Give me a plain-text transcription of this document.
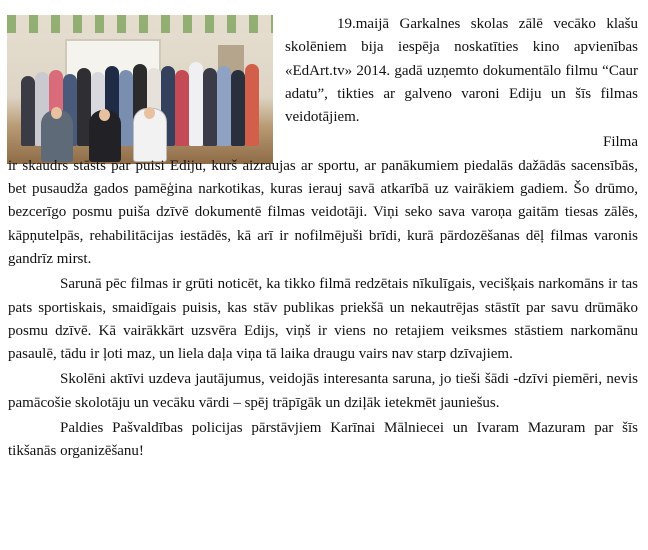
19.maijā Garkalnes skolas zālē vecāko klašu skolēniem bija iespēja noskatīties kino apvienības «EdArt.tv» 2014. gadā uzņemto dokumentālo filmu “Caur adatu”, tikties ar galveno varoni Ediju un šīs filmas veidotājiem.

Filma ir skaudrs stāsts par puisi Ediju, kurš aizraujas ar sportu, ar panākumiem piedalās dažādās sacensībās, bet pusaudža gados pamēģina narkotikas, kuras ierauj savā atkarībā uz vairākiem gadiem. Šo drūmo, bezcerīgo posmu puiša dzīvē dokumentē filmas veidotāji. Viņi seko sava varoņa gaitām tiesas zālēs, kāpņutelpās, rehabilitācijas iestādēs, kā arī ir nofilmējuši brīdi, kurā pārdozēšanas dēļ filmas varonis gandrīz mirst.

Sarunā pēc filmas ir grūti noticēt, ka tikko filmā redzētais nīkulīgais, vecišķais narkomāns ir tas pats sportiskais, smaidīgais puisis, kas stāv publikas priekšā un nekautrējas stāstīt par savu drūmāko posmu dzīvē. Kā vairākkārt uzsvēra Edijs, viņš ir viens no retajiem veiksmes stāstiem narkomānu pasaulē, tādu ir ļoti maz, un liela daļa viņa tā laika draugu vairs nav starp dzīvajiem.

Skolēni aktīvi uzdeva jautājumus, veidojās interesanta saruna, jo tieši šādi -dzīvi piemēri, nevis pamācošie skolotāju un vecāku vārdi – spēj trāpīgāk un dziļāk ietekmēt jauniešus.

Paldies Pašvaldības policijas pārstāvjiem Karīnai Mālniecei un Ivaram Mazuram par šīs tikšanās organizēšanu!
